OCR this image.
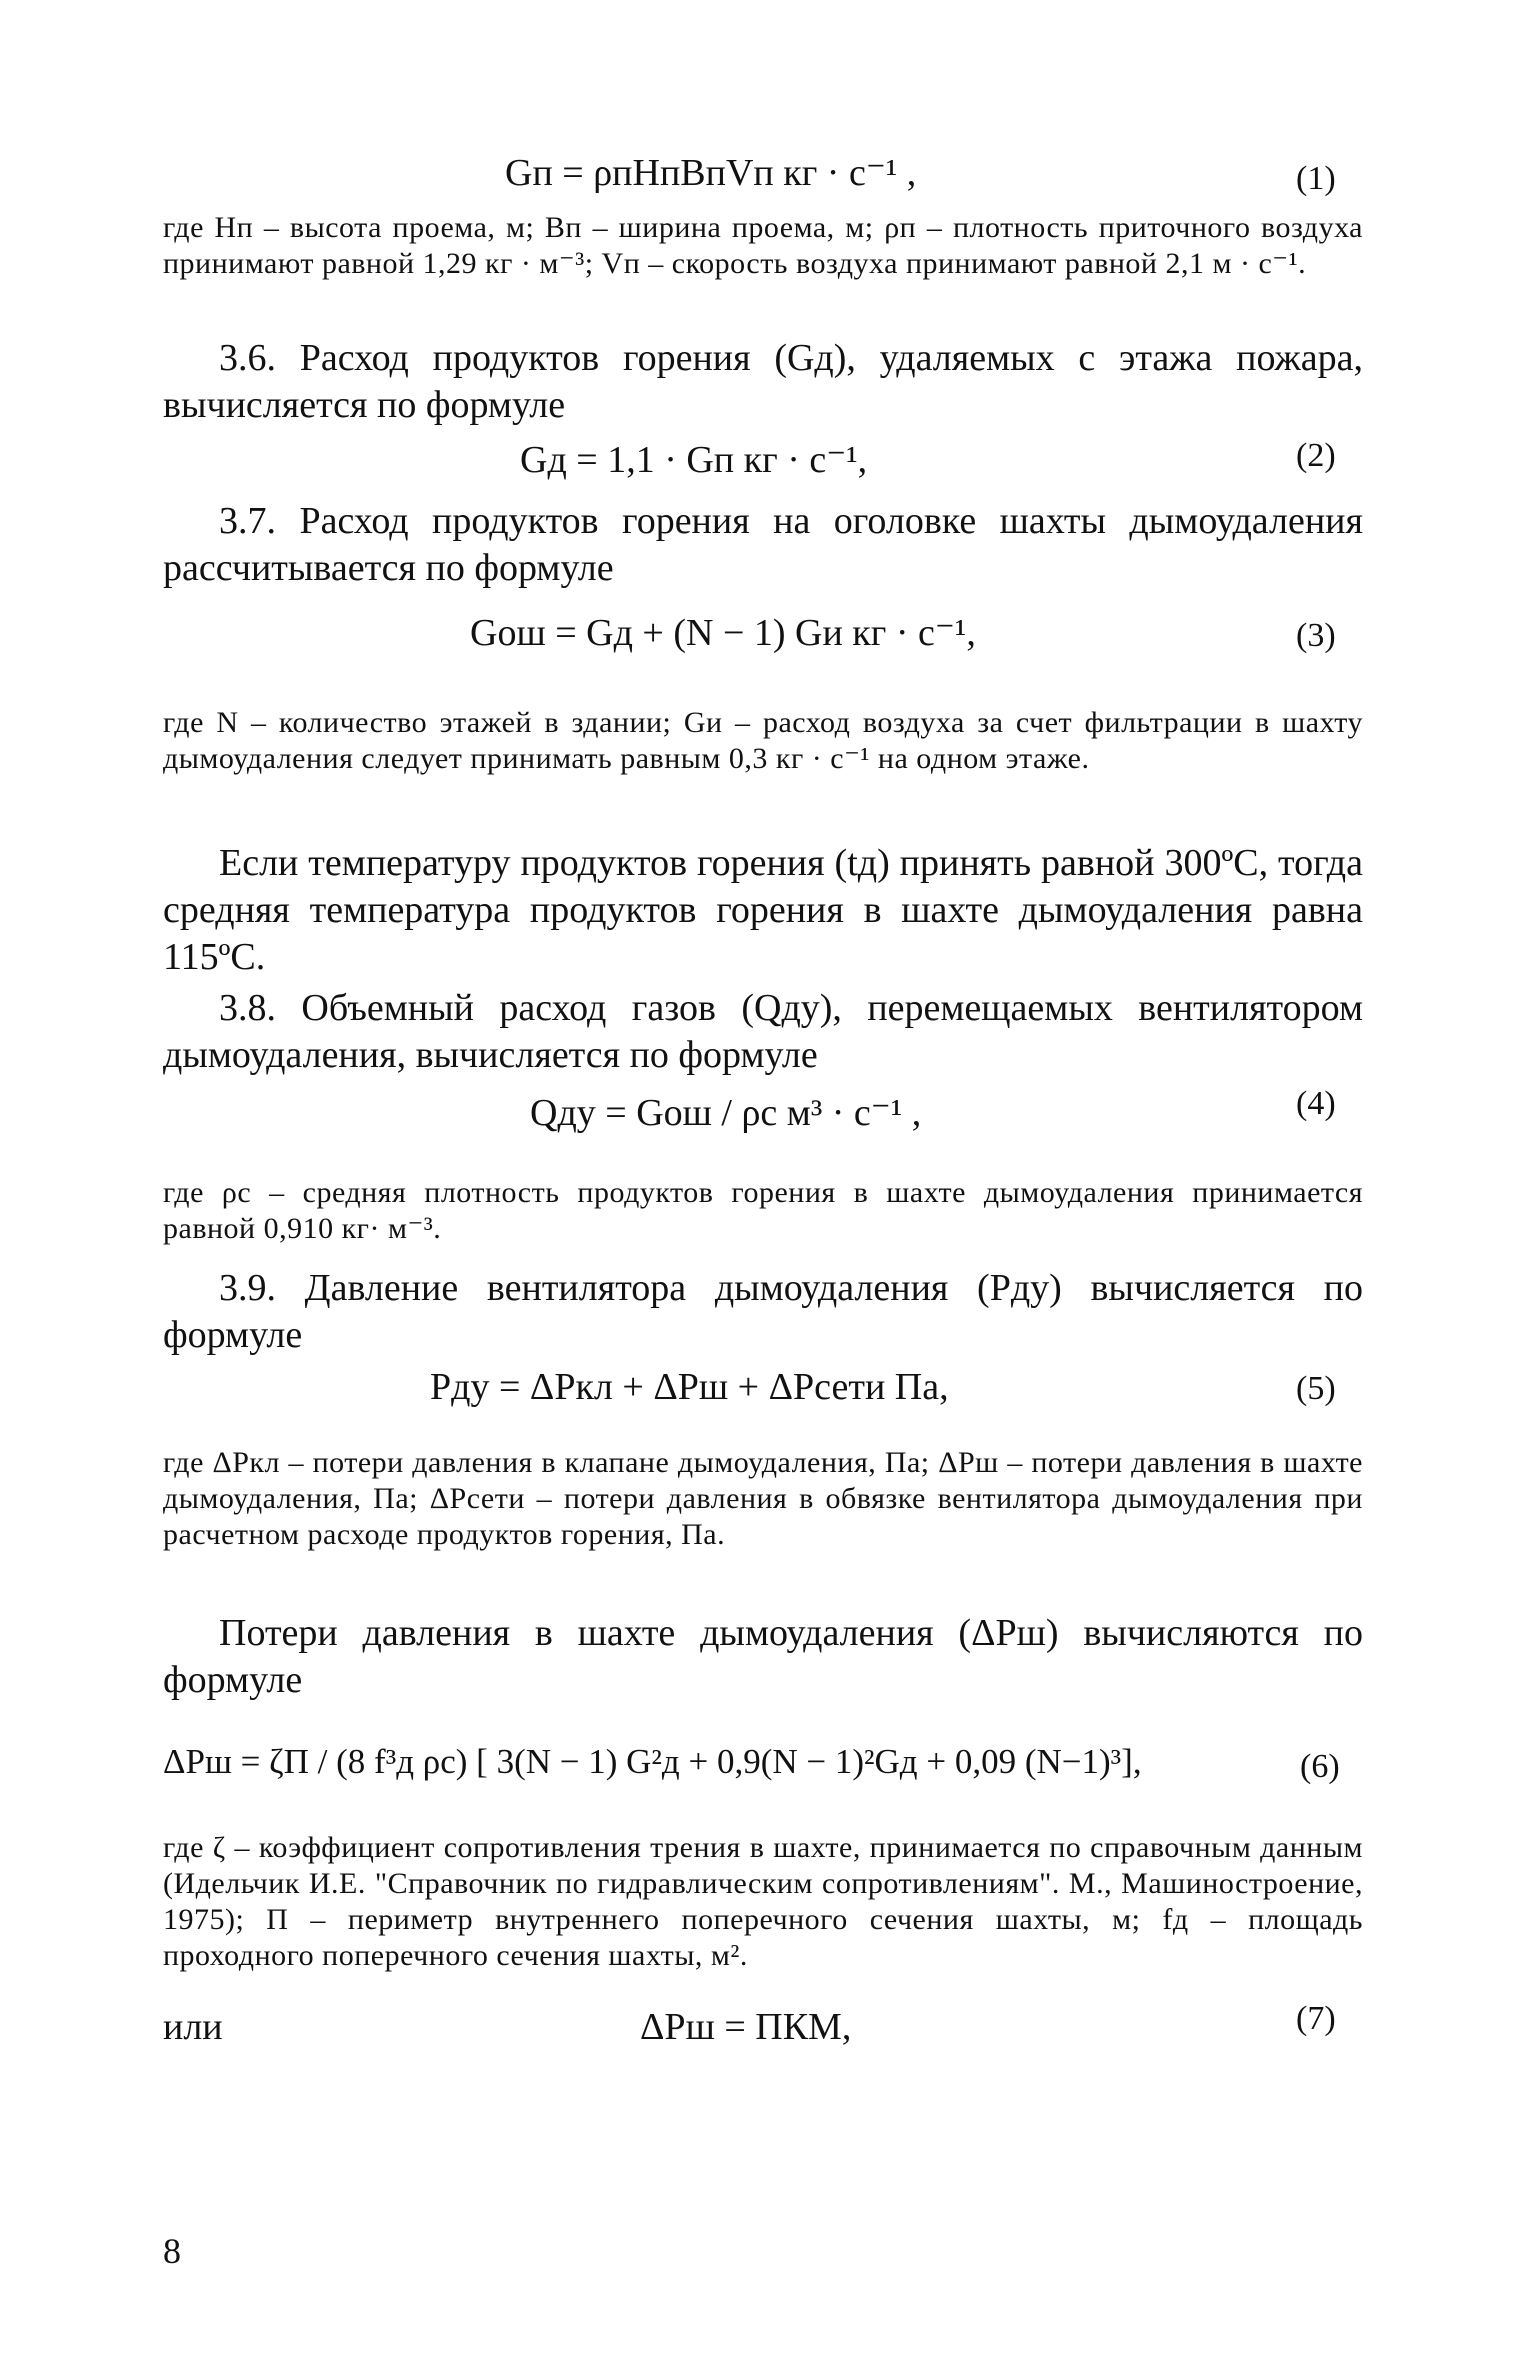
Gп = ρпHпBпVп кг · с⁻¹ ,	(1)

где Hп – высота проема, м; Bп – ширина проема, м; ρп – плотность приточного воздуха принимают равной 1,29 кг · м⁻³; Vп – скорость воздуха принимают равной 2,1 м · с⁻¹.

3.6. Расход продуктов горения (Gд), удаляемых с этажа пожара, вычисляется по формуле

Gд = 1,1 · Gп кг · с⁻¹,	(2)

3.7. Расход продуктов горения на оголовке шахты дымоудаления рассчитывается по формуле

Gош = Gд + (N − 1) Gи кг · с⁻¹,	(3)

где N – количество этажей в здании; Gи – расход воздуха за счет фильтрации в шахту дымоудаления следует принимать равным 0,3 кг · с⁻¹ на одном этаже.

Если температуру продуктов горения (tд) принять равной 300ºС, тогда средняя температура продуктов горения в шахте дымоудаления равна 115ºС.

3.8. Объемный расход газов (Qду), перемещаемых вентилятором дымоудаления, вычисляется по формуле

Qду = Gош / ρс м³ · с⁻¹ ,	(4)

где ρс – средняя плотность продуктов горения в шахте дымоудаления принимается равной 0,910 кг· м⁻³.

3.9. Давление вентилятора дымоудаления (Pду) вычисляется по формуле

Pду = ΔPкл + ΔPш + ΔPсети Па,	(5)

где ΔPкл – потери давления в клапане дымоудаления, Па; ΔPш – потери давления в шахте дымоудаления, Па; ΔPсети – потери давления в обвязке вентилятора дымоудаления при расчетном расходе продуктов горения, Па.

Потери давления в шахте дымоудаления (ΔPш) вычисляются по формуле

ΔPш = ζП / (8 f³д ρс) [ 3(N − 1) G²д + 0,9(N − 1)²Gд + 0,09 (N−1)³],	(6)

где ζ – коэффициент сопротивления трения в шахте, принимается по справочным данным (Идельчик И.Е. "Справочник по гидравлическим сопротивлениям". М., Машиностроение, 1975); П – периметр внутреннего поперечного сечения шахты, м; fд – площадь проходного поперечного сечения шахты, м².

или	ΔPш = ПКМ,	(7)
8
